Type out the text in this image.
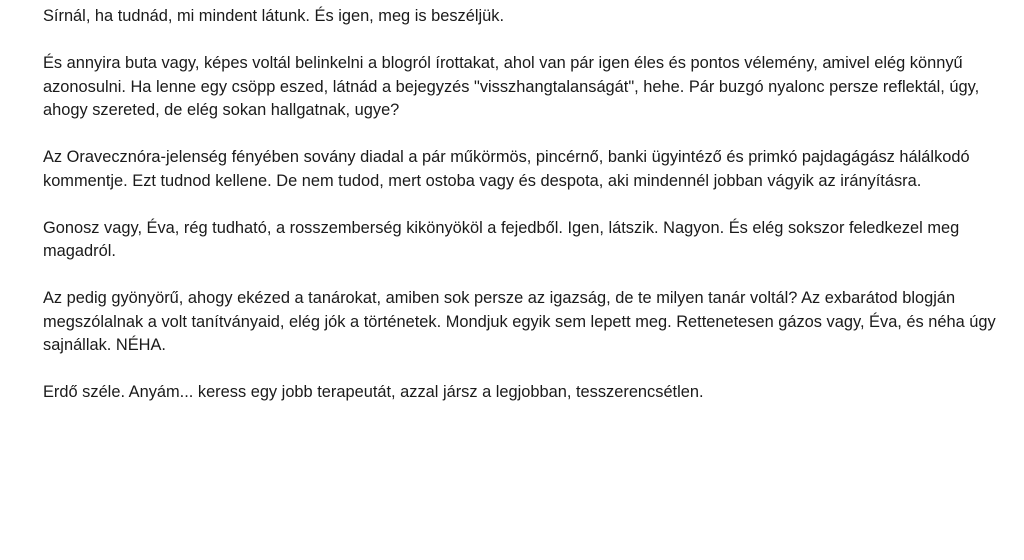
Sírnál, ha tudnád, mi mindent látunk. És igen, meg is beszéljük.

És annyira buta vagy, képes voltál belinkelni a blogról írottakat, ahol van pár igen éles és pontos vélemény, amivel elég könnyű azonosulni. Ha lenne egy csöpp eszed, látnád a bejegyzés "visszhangtalanságát", hehe. Pár buzgó nyalonc persze reflektál, úgy, ahogy szereted, de elég sokan hallgatnak, ugye?

Az Oravecznóra-jelenség fényében sovány diadal a pár műkörmös, pincérnő, banki ügyintéző és primkó pajdagágász hálálkodó kommentje. Ezt tudnod kellene. De nem tudod, mert ostoba vagy és despota, aki mindennél jobban vágyik az irányításra.

Gonosz vagy, Éva, rég tudható, a rosszemberség kikönyököl a fejedből. Igen, látszik. Nagyon. És elég sokszor feledkezel meg magadról.

Az pedig gyönyörű, ahogy ekézed a tanárokat, amiben sok persze az igazság, de te milyen tanár voltál? Az exbarátod blogján megszólalnak a volt tanítványaid, elég jók a történetek. Mondjuk egyik sem lepett meg. Rettenetesen gázos vagy, Éva, és néha úgy sajnállak. NÉHA.

Erdő széle. Anyám... keress egy jobb terapeutát, azzal jársz a legjobban, tesszerencsétlen.
